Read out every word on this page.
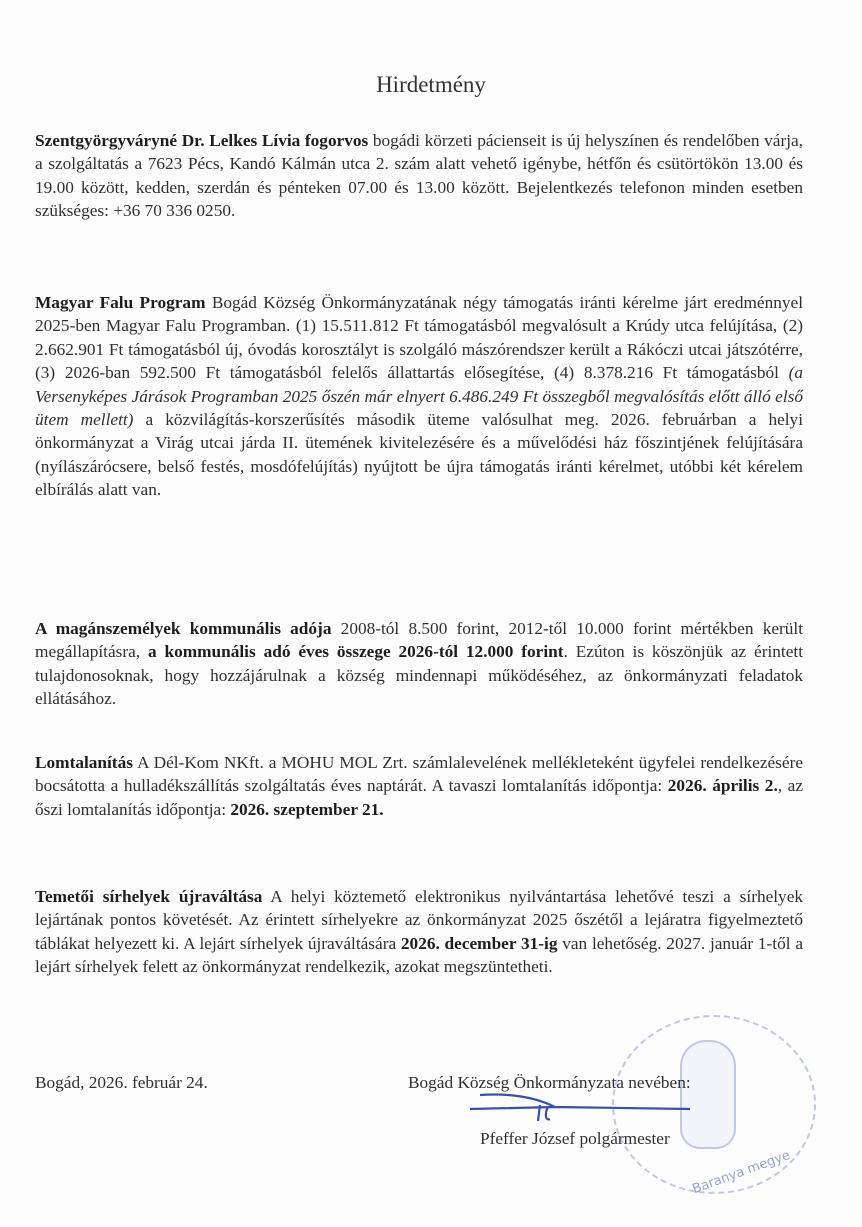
Hirdetmény
Szentgyörgyváryné Dr. Lelkes Lívia fogorvos bogádi körzeti pácienseit is új helyszínen és rendelőben várja, a szolgáltatás a 7623 Pécs, Kandó Kálmán utca 2. szám alatt vehető igénybe, hétfőn és csütörtökön 13.00 és 19.00 között, kedden, szerdán és pénteken 07.00 és 13.00 között. Bejelentkezés telefonon minden esetben szükséges: +36 70 336 0250.
Magyar Falu Program Bogád Község Önkormányzatának négy támogatás iránti kérelme járt eredménnyel 2025-ben Magyar Falu Programban. (1) 15.511.812 Ft támogatásból megvalósult a Krúdy utca felújítása, (2) 2.662.901 Ft támogatásból új, óvodás korosztályt is szolgáló mászórendszer került a Rákóczi utcai játszótérre, (3) 2026-ban 592.500 Ft támogatásból felelős állattartás elősegítése, (4) 8.378.216 Ft támogatásból (a Versenyképes Járások Programban 2025 őszén már elnyert 6.486.249 Ft összegből megvalósítás előtt álló első ütem mellett) a közvilágítás-korszerűsítés második üteme valósulhat meg. 2026. februárban a helyi önkormányzat a Virág utcai járda II. ütemének kivitelezésére és a művelődési ház főszintjének felújítására (nyílászárócsere, belső festés, mosdófelújítás) nyújtott be újra támogatás iránti kérelmet, utóbbi két kérelem elbírálás alatt van.
A magánszemélyek kommunális adója 2008-tól 8.500 forint, 2012-től 10.000 forint mértékben került megállapításra, a kommunális adó éves összege 2026-tól 12.000 forint. Ezúton is köszönjük az érintett tulajdonosoknak, hogy hozzájárulnak a község mindennapi működéséhez, az önkormányzati feladatok ellátásához.
Lomtalanítás A Dél-Kom NKft. a MOHU MOL Zrt. számlalevelének mellékleteként ügyfelei rendelkezésére bocsátotta a hulladékszállítás szolgáltatás éves naptárát. A tavaszi lomtalanítás időpontja: 2026. április 2., az őszi lomtalanítás időpontja: 2026. szeptember 21.
Temetői sírhelyek újraváltása A helyi köztemető elektronikus nyilvántartása lehetővé teszi a sírhelyek lejártának pontos követését. Az érintett sírhelyekre az önkormányzat 2025 őszétől a lejáratra figyelmeztető táblákat helyezett ki. A lejárt sírhelyek újraváltására 2026. december 31-ig van lehetőség. 2027. január 1-től a lejárt sírhelyek felett az önkormányzat rendelkezik, azokat megszüntetheti.
Baranya megye
Bogád, 2026. február 24.	Bogád Község Önkormányzata nevében:
Pfeffer József polgármester
